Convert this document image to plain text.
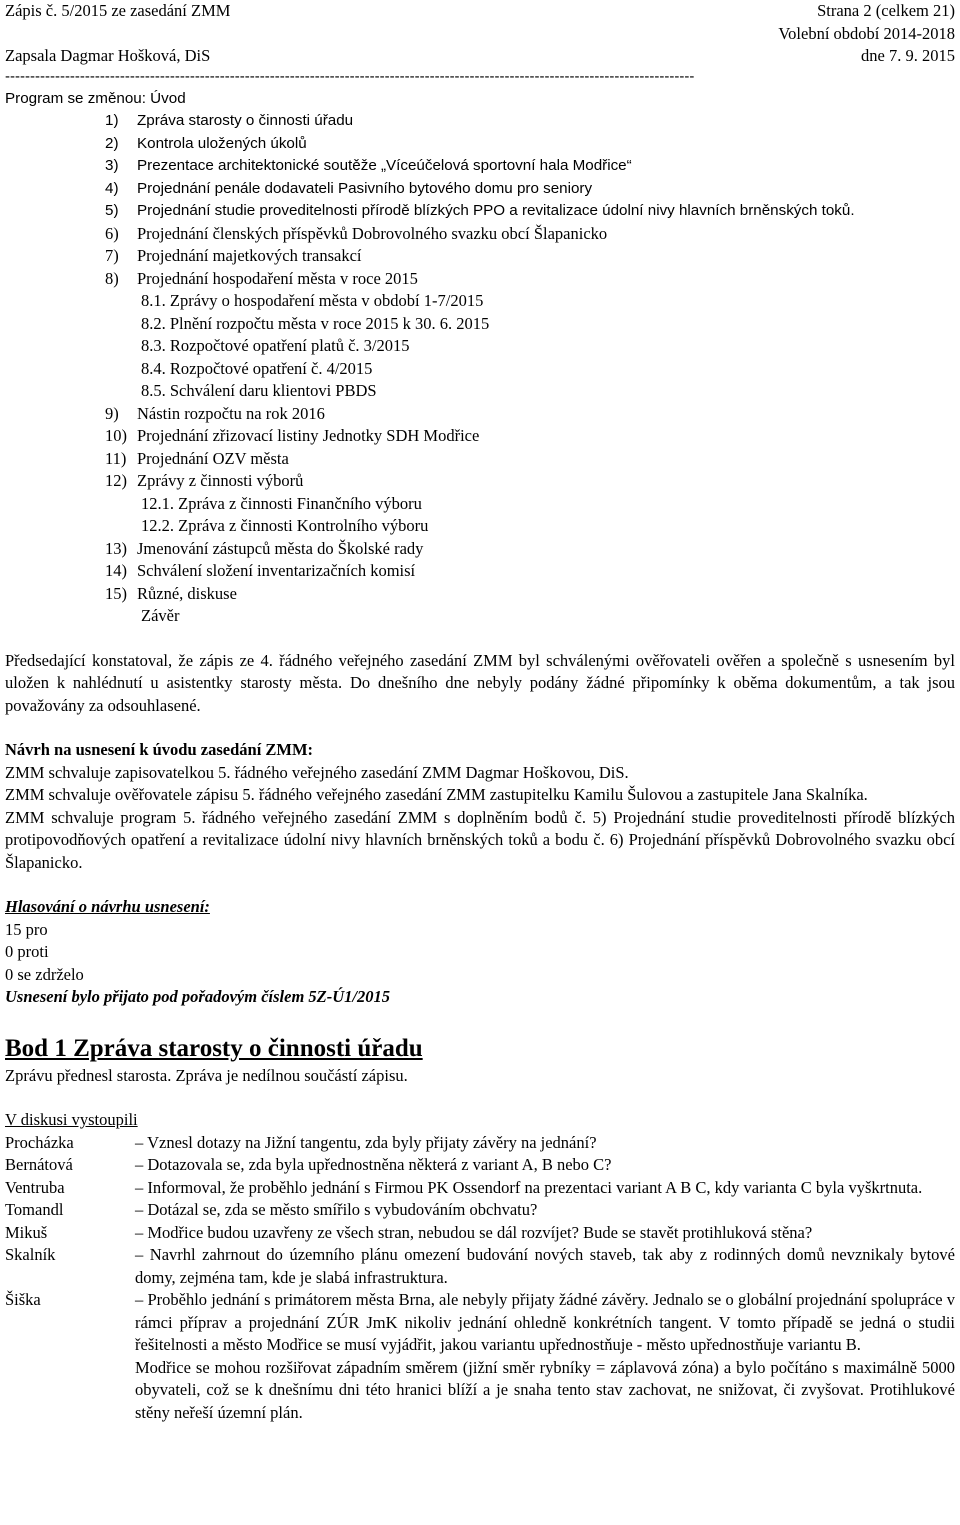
Zápis č. 5/2015 ze zasedání ZMM	Strana 2 (celkem 21)
Volební období 2014-2018
Zapsala Dagmar Hošková, DiS	dne 7. 9. 2015
------------------------------------------------------------------------------------------------------------------------------------------
Program se změnou: Úvod
1)	Zpráva starosty o činnosti úřadu
2)	Kontrola uložených úkolů
3)	Prezentace architektonické soutěže „Víceúčelová sportovní hala Modřice“
4)	Projednání penále dodavateli Pasivního bytového domu pro seniory
5)	Projednání studie proveditelnosti přírodě blízkých PPO a revitalizace údolní nivy hlavních brněnských toků.
6)	Projednání členských příspěvků Dobrovolného svazku obcí Šlapanicko
7)	Projednání majetkových transakcí
8)	Projednání hospodaření města v roce 2015
8.1. Zprávy o hospodaření města v období 1-7/2015
8.2. Plnění rozpočtu města v roce 2015 k 30. 6. 2015
8.3. Rozpočtové opatření platů č. 3/2015
8.4. Rozpočtové opatření č. 4/2015
8.5. Schválení daru klientovi PBDS
9)	Nástin rozpočtu na rok 2016
10) Projednání zřizovací listiny Jednotky SDH Modřice
11) Projednání OZV města
12) Zprávy z činnosti výborů
12.1. Zpráva z činnosti Finančního výboru
12.2. Zpráva z činnosti Kontrolního výboru
13) Jmenování zástupců města do Školské rady
14) Schválení složení inventarizačních komisí
15) Různé, diskuse
Závěr
Předsedající konstatoval, že zápis ze 4. řádného veřejného zasedání ZMM byl schválenými ověřovateli ověřen a společně s usnesením byl uložen k nahlédnutí u asistentky starosty města. Do dnešního dne nebyly podány žádné připomínky k oběma dokumentům, a tak jsou považovány za odsouhlasené.
Návrh na usnesení k úvodu zasedání ZMM:
ZMM schvaluje zapisovatelkou 5. řádného veřejného zasedání ZMM Dagmar Hoškovou, DiS.
ZMM schvaluje ověřovatele zápisu 5. řádného veřejného zasedání ZMM zastupitelku Kamilu Šulovou a zastupitele Jana Skalníka.
ZMM schvaluje program 5. řádného veřejného zasedání ZMM s doplněním bodů č. 5) Projednání studie proveditelnosti přírodě blízkých protipovodňových opatření a revitalizace údolní nivy hlavních brněnských toků a bodu č. 6) Projednání příspěvků Dobrovolného svazku obcí Šlapanicko.
Hlasování o návrhu usnesení:
15 pro
0 proti
0 se zdrželo
Usnesení bylo přijato pod pořadovým číslem 5Z-Ú1/2015
Bod 1 Zpráva starosty o činnosti úřadu
Zprávu přednesl starosta. Zpráva je nedílnou součástí zápisu.
V diskusi vystoupili
Procházka	– Vznesl dotazy na Jižní tangentu, zda byly přijaty závěry na jednání?
Bernátová	– Dotazovala se, zda byla upřednostněna některá z variant A, B nebo C?
Ventruba	– Informoval, že proběhlo jednání s Firmou PK Ossendorf na prezentaci variant A B C, kdy varianta C byla vyškrtnuta.
Tomandl	– Dotázal se, zda se město smířilo s vybudováním obchvatu?
Mikuš	– Modřice budou uzavřeny ze všech stran, nebudou se dál rozvíjet? Bude se stavět protihluková stěna?
Skalník	– Navrhl zahrnout do územního plánu omezení budování nových staveb, tak aby z rodinných domů nevznikaly bytové domy, zejména tam, kde je slabá infrastruktura.
Šiška	– Proběhlo jednání s primátorem města Brna, ale nebyly přijaty žádné závěry. Jednalo se o globální projednání spolupráce v rámci příprav a projednání ZÚR JmK nikoliv jednání ohledně konkrétních tangent. V tomto případě se jedná o studii řešitelnosti a město Modřice se musí vyjádřit, jakou variantu upřednostňuje - město upřednostňuje variantu B.
Modřice se mohou rozšiřovat západním směrem (jižní směr rybníky = záplavová zóna) a bylo počítáno s maximálně 5000 obyvateli, což se k dnešnímu dni této hranici blíží a je snaha tento stav zachovat, ne snižovat, či zvyšovat. Protihlukové stěny neřeší územní plán.
